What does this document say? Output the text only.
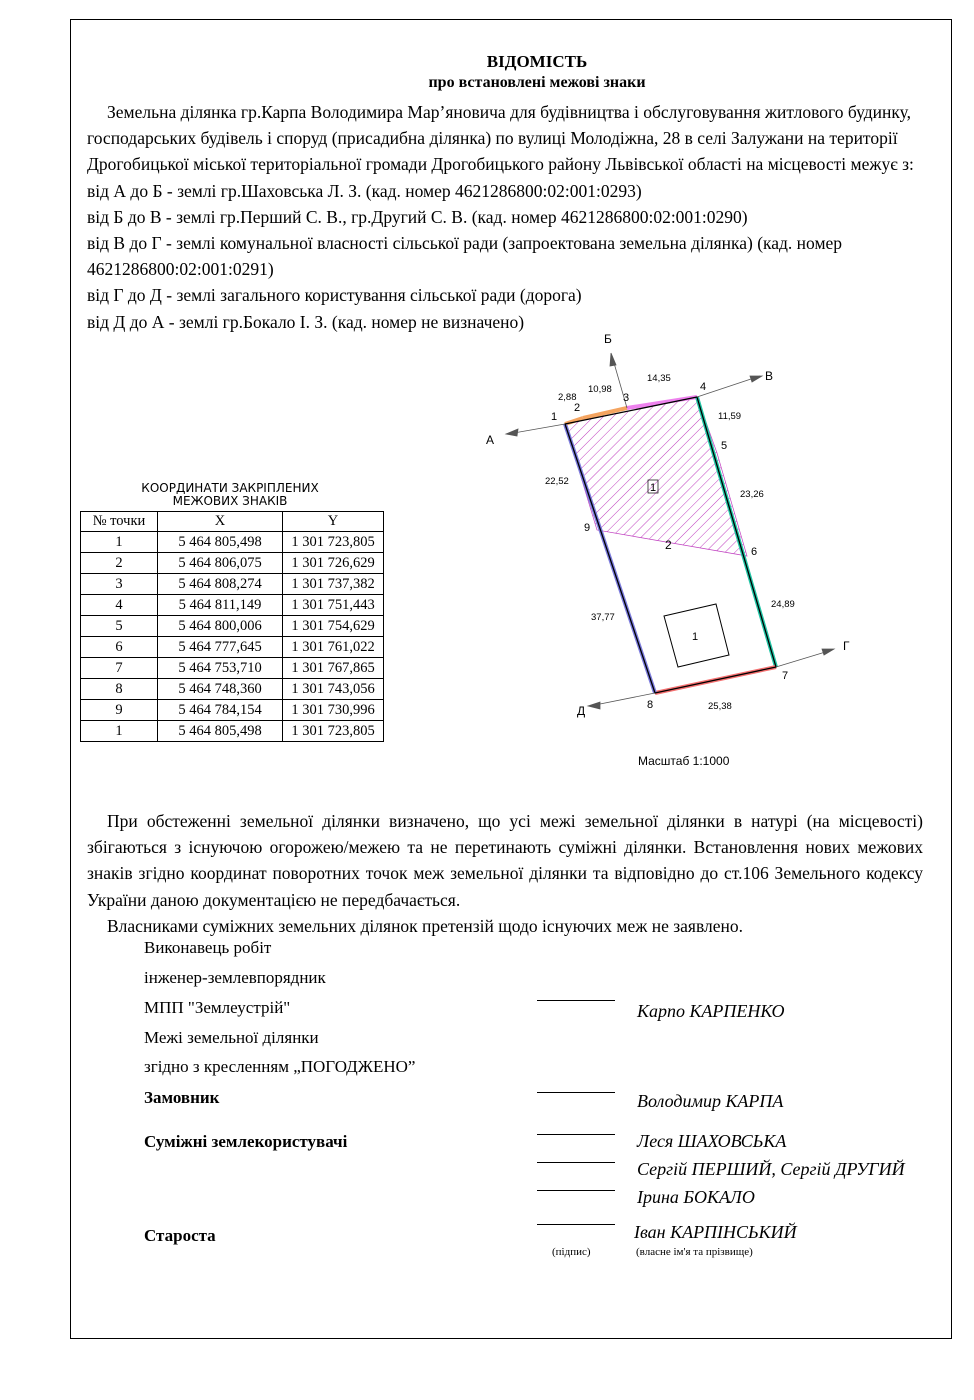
ВІДОМІСТЬ
про встановлені межові знаки

Земельна ділянка гр.Карпа Володимира Мар’яновича для будівництва і обслуговування житлового будинку, господарських будівель і споруд (присадибна ділянка) по вулиці Молодіжна, 28 в селі Залужани на території Дрогобицької міської територіальної громади Дрогобицького району Львівської області на місцевості межує з:

від А до Б - землі гр.Шаховська Л. З. (кад. номер 4621286800:02:001:0293)

від Б до В - землі гр.Перший С. В., гр.Другий С. В. (кад. номер 4621286800:02:001:0290)

від В до Г - землі комунальної власності сільської ради (запроектована земельна ділянка) (кад. номер 4621286800:02:001:0291)

від Г до Д - землі загального користування сільської ради (дорога)

від Д до А - землі гр.Бокало І. З. (кад. номер не визначено)

КООРДИНАТИ ЗАКРІПЛЕНИХ
МЕЖОВИХ ЗНАКІВ
№ точки	X	Y
1	5 464 805,498	1 301 723,805
2	5 464 806,075	1 301 726,629
3	5 464 808,274	1 301 737,382
4	5 464 811,149	1 301 751,443
5	5 464 800,006	1 301 754,629
6	5 464 777,645	1 301 761,022
7	5 464 753,710	1 301 767,865
8	5 464 748,360	1 301 743,056
9	5 464 784,154	1 301 730,996
1	5 464 805,498	1 301 723,805
А
Б
В
Г
Д
1
2
3
4
5
6
7
8
9
2,88
10,98
14,35
11,59
23,26
24,89
25,38
37,77
22,52
1
2
1
Масштаб 1:1000

При обстеженні земельної ділянки визначено, що усі межі земельної ділянки в натурі (на місцевості) збігаються з існуючою огорожею/межею та не перетинають суміжні ділянки. Встановлення нових межових знаків згідно координат поворотних точок меж земельної ділянки та відповідно до ст.106 Земельного кодексу України даною документацією не передбачається.

Власниками суміжних земельних ділянок претензій щодо існуючих меж не заявлено.

Виконавець робіт
інженер-землевпорядник
МПП "Землеустрій"	Карпо КАРПЕНКО
Межі земельної ділянки
згідно з кресленням „ПОГОДЖЕНО”
Замовник	Володимир КАРПА
Суміжні землекористувачі	Леся ШАХОВСЬКА
Сергій ПЕРШИЙ, Сергій ДРУГИЙ
Ірина БОКАЛО
Староста	Іван КАРПІНСЬКИЙ
(підпис)	(власне ім'я та прізвище)
